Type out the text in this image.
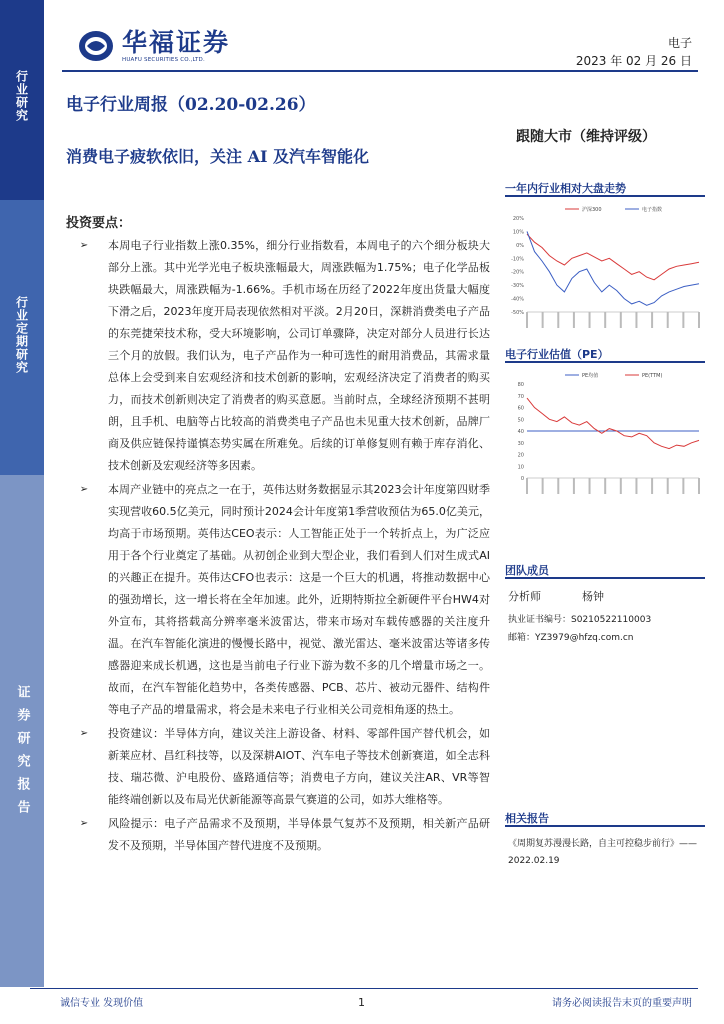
行业研究
行业定期研究
证券研究报告
华福证券
HUAFU SECURITIES CO.,LTD.
电子
2023 年 02 月 26 日
电子行业周报（02.20-02.26）
跟随大市（维持评级）
消费电子疲软依旧，关注 AI 及汽车智能化
投资要点：
➢	本周电子行业指数上涨0.35%，细分行业指数看，本周电子的六个细分板块大部分上涨。其中光学光电子板块涨幅最大，周涨跌幅为1.75%；电子化学品板块跌幅最大，周涨跌幅为-1.66%。手机市场在历经了2022年度出货量大幅度下滑之后，2023年度开局表现依然相对平淡。2月20日，深耕消费类电子产品的东莞捷荣技术称，受大环境影响，公司订单骤降，决定对部分人员进行长达三个月的放假。我们认为，电子产品作为一种可选性的耐用消费品，其需求量总体上会受到来自宏观经济和技术创新的影响，宏观经济决定了消费者的购买力，而技术创新则决定了消费者的购买意愿。当前时点，全球经济预期不甚明朗，且手机、电脑等占比较高的消费类电子产品也未见重大技术创新，品牌厂商及供应链保持谨慎态势实属在所难免。后续的订单修复则有赖于库存消化、技术创新及宏观经济等多因素。
➢	本周产业链中的亮点之一在于，英伟达财务数据显示其2023会计年度第四财季实现营收60.5亿美元，同时预计2024会计年度第1季营收预估为65.0亿美元，均高于市场预期。英伟达CEO表示：人工智能正处于一个转折点上，为广泛应用于各个行业奠定了基础。从初创企业到大型企业，我们看到人们对生成式AI的兴趣正在提升。英伟达CFO也表示：这是一个巨大的机遇，将推动数据中心的强劲增长，这一增长将在全年加速。此外，近期特斯拉全新硬件平台HW4对外宣布，其将搭载高分辨率毫米波雷达，带来市场对车载传感器的关注度升温。在汽车智能化演进的慢慢长路中，视觉、激光雷达、毫米波雷达等诸多传感器迎来成长机遇，这也是当前电子行业下游为数不多的几个增量市场之一。故而，在汽车智能化趋势中，各类传感器、PCB、芯片、被动元器件、结构件等电子产品的增量需求，将会是未来电子行业相关公司竞相角逐的热土。
➢	投资建议：半导体方向，建议关注上游设备、材料、零部件国产替代机会，如新莱应材、昌红科技等，以及深耕AIOT、汽车电子等技术创新赛道，如全志科技、瑞芯微、沪电股份、盛路通信等；消费电子方向，建议关注AR、VR等智能终端创新以及布局光伏新能源等高景气赛道的公司，如苏大维格等。
➢	风险提示：电子产品需求不及预期，半导体景气复苏不及预期，相关新产品研发不及预期，半导体国产替代进度不及预期。
一年内行业相对大盘走势
20%
10%
0%
-10%
-20%
-30%
-40%
-50%
沪深300	电子指数
电子行业估值（PE）
80
70
60
50
40
30
20
10
0
PE均值	PE(TTM)
团队成员
分析师	杨钟
执业证书编号：S0210522110003
邮箱：YZ3979@hfzq.com.cn
相关报告
《周期复苏漫漫长路，自主可控稳步前行》——
2022.02.19
诚信专业 发现价值	1	请务必阅读报告末页的重要声明
